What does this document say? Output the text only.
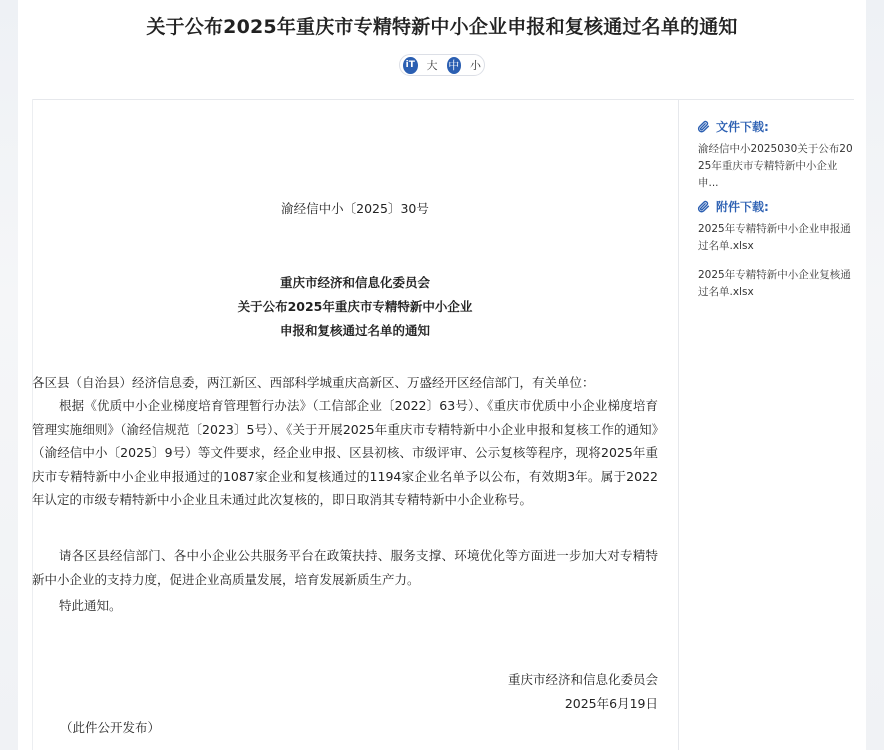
关于公布2025年重庆市专精特新中小企业申报和复核通过名单的通知
iT 大 中 小
渝经信中小〔2025〕30号
重庆市经济和信息化委员会
关于公布2025年重庆市专精特新中小企业
申报和复核通过名单的通知
各区县（自治县）经济信息委，两江新区、西部科学城重庆高新区、万盛经开区经信部门，有关单位：
根据《优质中小企业梯度培育管理暂行办法》（工信部企业〔2022〕63号）、《重庆市优质中小企业梯度培育管理实施细则》（渝经信规范〔2023〕5号）、《关于开展2025年重庆市专精特新中小企业申报和复核工作的通知》（渝经信中小〔2025〕9号）等文件要求，经企业申报、区县初核、市级评审、公示复核等程序，现将2025年重庆市专精特新中小企业申报通过的1087家企业和复核通过的1194家企业名单予以公布，有效期3年。属于2022年认定的市级专精特新中小企业且未通过此次复核的，即日取消其专精特新中小企业称号。
请各区县经信部门、各中小企业公共服务平台在政策扶持、服务支撑、环境优化等方面进一步加大对专精特新中小企业的支持力度，促进企业高质量发展，培育发展新质生产力。
特此通知。
重庆市经济和信息化委员会
2025年6月19日
（此件公开发布）
文件下载:
渝经信中小2025030关于公布2025年重庆市专精特新中小企业申...
附件下载:
2025年专精特新中小企业申报通过名单.xlsx
2025年专精特新中小企业复核通过名单.xlsx
